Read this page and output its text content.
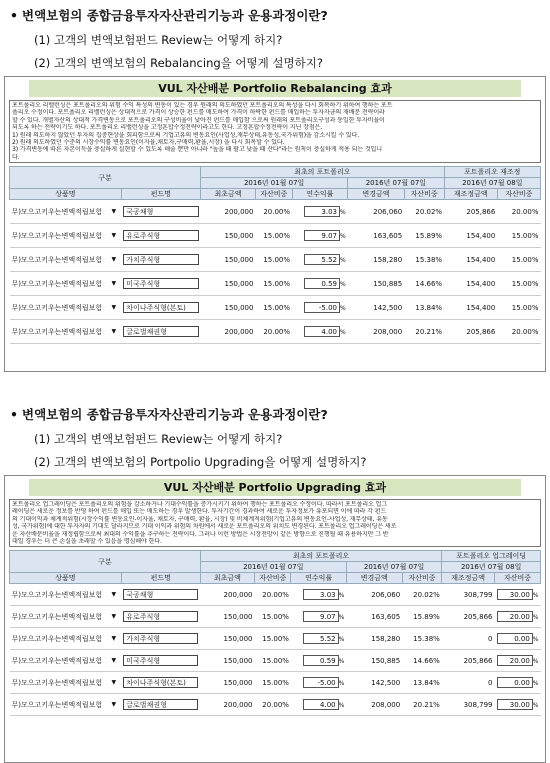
• 변액보험의 종합금융투자자산관리기능과 운용과정이란?
(1) 고객의 변액보험펀드 Review는 어떻게 하지?
(2) 고객의 변액보험의 Rebalancing을 어떻게 설명하지?
VUL 자산배분 Portfolio Rebalancing 효과

포트폴리오 리밸런싱은 포트폴리오의 위험 수익 특성의 변동이 있는 경우 원래의 의도하였던 포트폴리오의 특성을 다시 회복하기 위하여 행하는 포트

폴리오 수정이다. 포트폴리오 리밸런싱은 상대적으로 가격이 상승한 펀드를 매도하여 가격이 하락한 펀드를 매입하는 투자자금의 재배분 전략이라

할 수 있다. 개별자산의 상대적 가격변동으로 포트폴리오의 구성비율이 낮아진 펀드를 매입함 으로써 원래의 포트폴리오구성과 동일한 투자비율이

되도록 하는 전략이기도 하다. 포트폴리오 리밸런싱을 고정혼합수정전략이라고도 한다. 고정혼합수정전략이 지닌 장점은,

1) 원래 의도하지 않았던 투자의 집중현상을 회피함으로써 기업고유의 변동요인(사업성,재무상태,유동성,국가위험)을 감소시킬 수 있다.

2) 원래 의도하였던 수준의 시장수익률 변동요인(이자율,채토자,구매력,환율,시장) 을 다시 회복할 수 있다.

3) 가격변동에 따른 자본이득을 충실하게 실현할 수 있도록 해줄 뿐만 아니라 "높을 때 팔고 낮을 때 산다"라는 원칙이 충실하게 적용 되는 것입니

다.

구분		최초의 포트폴리오					포트폴리오 재조정	
		2016년 01월 07일			2016년 07월 07일		2016년 07월 08일	
상품명	펀드명	최초금액	자산비중	연수익률	변경금액	자산비중	재조정금액	자산비중

무)모으고키우는변액적립보험 ▼	국공채형	200,000	20.00%	3.03 %	206,060	20.02%	205,866	20.00%

무)모으고키우는변액적립보험 ▼	유로주식형	150,000	15.00%	9.07 %	163,605	15.89%	154,400	15.00%

무)모으고키우는변액적립보험 ▼	가치주식형	150,000	15.00%	5.52 %	158,280	15.38%	154,400	15.00%

무)모으고키우는변액적립보험 ▼	미국주식형	150,000	15.00%	0.59 %	150,885	14.66%	154,400	15.00%

무)모으고키우는변액적립보험 ▼	차이나주식형(본토)	150,000	15.00%	-5.00 %	142,500	13.84%	154,400	15.00%

무)모으고키우는변액적립보험 ▼	글로벌채권형	200,000	20.00%	4.00 %	208,000	20.21%	205,866	20.00%
• 변액보험의 종합금융투자자산관리기능과 운용과정이란?
(1) 고객의 변액보험펀드 Review는 어떻게 하지?
(2) 고객의 변액보험의 Portpolio Upgrading을 어떻게 설명하지?
VUL 자산배분 Portfolio Upgrading 효과

포트폴리오 업그레이딩은 포트폴리오의 위험을 감소하거나 기대수익률을 증가시키기 위하여 행하는 포트폴리오 수정이다. 따라서 포트폴리오 업그

레이딩은 새로운 정보를 반영 하여 펀드를 매입 또는 매도하는 경우 발생한다. 투자기간이 경과하여 새로운 투자정보가 유포되면 이에 따라 각 펀드

의 기대이익과 체계적위험(시장수익률 변동요인-이자율, 채토자, 구매력, 환율, 시장) 및 비체계적위험(기업고유의 변동요인-사업성, 재무상태, 유동

성, 국가위험)에 대한 투자자의 기대도 달라지므로 기대 이익과 위험의 차원에서 새로운 포트폴리오의 위치도 변경된다. 포트폴리오 업그레이딩은 새로

운 자산배분비율을 재정립함으로써 최대의 수익률을 추구하는 전략이다. 그러나 이런 방법은 시장전망이 같은 방향으로 진행될 때 유용하지만 그 반

대일 경우는 더 큰 손실을 초래할 수 있음을 명심해야 한다.

구분		최초의 포트폴리오					포트폴리오 업그레이딩	
		2016년 01월 07일			2016년 07월 07일		2016년 07월 08일	
상품명	펀드명	최초금액	자산비중	연수익률	변경금액	자산비중	재조정금액	자산비중

무)모으고키우는변액적립보험 ▼	국공채형	200,000	20.00%	3.03 %	206,060	20.02%	308,799	30.00 %

무)모으고키우는변액적립보험 ▼	유로주식형	150,000	15.00%	9.07 %	163,605	15.89%	205,866	20.00 %

무)모으고키우는변액적립보험 ▼	가치주식형	150,000	15.00%	5.52 %	158,280	15.38%	0	0.00 %

무)모으고키우는변액적립보험 ▼	미국주식형	150,000	15.00%	0.59 %	150,885	14.66%	205,866	20.00 %

무)모으고키우는변액적립보험 ▼	차이나주식형(본토)	150,000	15.00%	-5.00 %	142,500	13.84%	0	0.00 %

무)모으고키우는변액적립보험 ▼	글로벌채권형	200,000	20.00%	4.00 %	208,000	20.21%	308,799	30.00 %
